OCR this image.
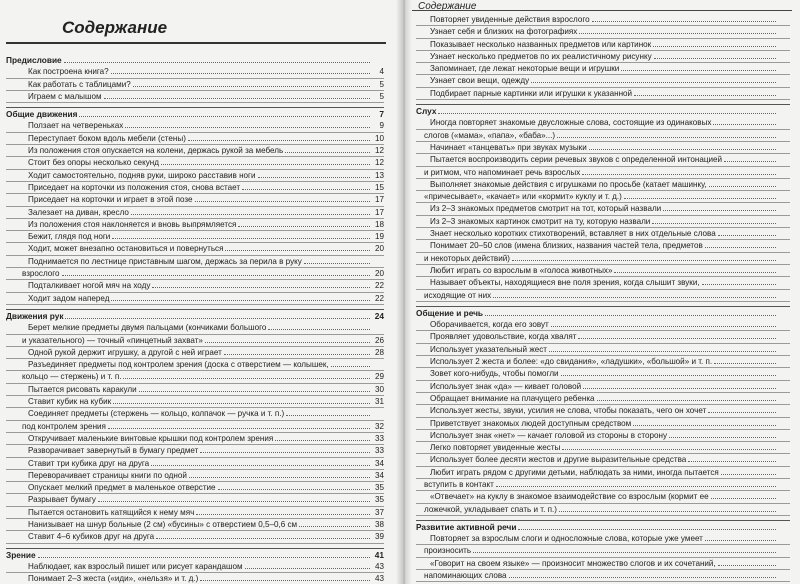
Содержание
Предисловие
Как построена книга?	4
Как работать с таблицами?	5
Играем с малышом	5
Общие движения	7
Ползает на четвереньках	9
Переступает боком вдоль мебели (стены)	10
Из положения стоя опускается на колени, держась рукой за мебель	12
Стоит без опоры несколько секунд	12
Ходит самостоятельно, подняв руки, широко расставив ноги	13
Приседает на корточки из положения стоя, снова встает	15
Приседает на корточки и играет в этой позе	17
Залезает на диван, кресло	17
Из положения стоя наклоняется и вновь выпрямляется	18
Бежит, глядя под ноги	19
Ходит, может внезапно остановиться и повернуться	20
Поднимается по лестнице приставным шагом, держась за перила в руку
взрослого	20
Подталкивает ногой мяч на ходу	22
Ходит задом наперед	22
Движения рук	24
Берет мелкие предметы двумя пальцами (кончиками большого
и указательного) — точный «пинцетный захват»	26
Одной рукой держит игрушку, а другой с ней играет	28
Разъединяет предметы под контролем зрения (доска с отверстием — колышек,
кольцо — стержень) и т. п.	29
Пытается рисовать каракули	30
Ставит кубик на кубик	31
Соединяет предметы (стержень — кольцо, колпачок — ручка и т. п.)
под контролем зрения	32
Откручивает маленькие винтовые крышки под контролем зрения	33
Разворачивает завернутый в бумагу предмет	33
Ставит три кубика друг на друга	34
Переворачивает страницы книги по одной	34
Опускает мелкий предмет в маленькое отверстие	35
Разрывает бумагу	35
Пытается остановить катящийся к нему мяч	37
Нанизывает на шнур больные (2 см) «бусины» с отверстием 0,5–0,6 см	38
Ставит 4–6 кубиков друг на друга	39
Зрение	41
Наблюдает, как взрослый пишет или рисует карандашом	43
Понимает 2–3 жеста («иди», «нельзя» и т. д.)	43
Содержание
Повторяет увиденные действия взрослого
Узнает себя и близких на фотографиях
Показывает несколько названных предметов или картинок
Узнает несколько предметов по их реалистичному рисунку
Запоминает, где лежат некоторые вещи и игрушки
Узнает свои вещи, одежду
Подбирает парные картинки или игрушки к указанной
Слух
Иногда повторяет знакомые двусложные слова, состоящие из одинаковых
слогов («мама», «папа», «баба»...)
Начинает «танцевать» при звуках музыки
Пытается воспроизводить серии речевых звуков с определенной интонацией
и ритмом, что напоминает речь взрослых
Выполняет знакомые действия с игрушками по просьбе (катает машинку,
«причесывает», «качает» или «кормит» куклу и т. д.)
Из 2–3 знакомых предметов смотрит на тот, который назвали
Из 2–3 знакомых картинок смотрит на ту, которую назвали
Знает несколько коротких стихотворений, вставляет в них отдельные слова
Понимает 20–50 слов (имена близких, названия частей тела, предметов
и некоторых действий)
Любит играть со взрослым в «голоса животных»
Называет объекты, находящиеся вне поля зрения, когда слышит звуки,
исходящие от них
Общение и речь
Оборачивается, когда его зовут
Проявляет удовольствие, когда хвалят
Использует указательный жест
Использует 2 жеста и более: «до свидания», «ладушки», «большой» и т. п.
Зовет кого-нибудь, чтобы помогли
Использует знак «да» — кивает головой
Обращает внимание на плачущего ребенка
Использует жесты, звуки, усилия не слова, чтобы показать, чего он хочет
Приветствует знакомых людей доступным средством
Использует знак «нет» — качает головой из стороны в сторону
Легко повторяет увиденные жесты
Использует более десяти жестов и другие выразительные средства
Любит играть рядом с другими детьми, наблюдать за ними, иногда пытается
вступить в контакт
«Отвечает» на куклу в знакомое взаимодействие со взрослым (кормит ее
ложечкой, укладывает спать и т. п.)
Развитие активной речи
Повторяет за взрослым слоги и односложные слова, которые уже умеет
произносить
«Говорит на своем языке» — произносит множество слогов и их сочетаний,
напоминающих слова
